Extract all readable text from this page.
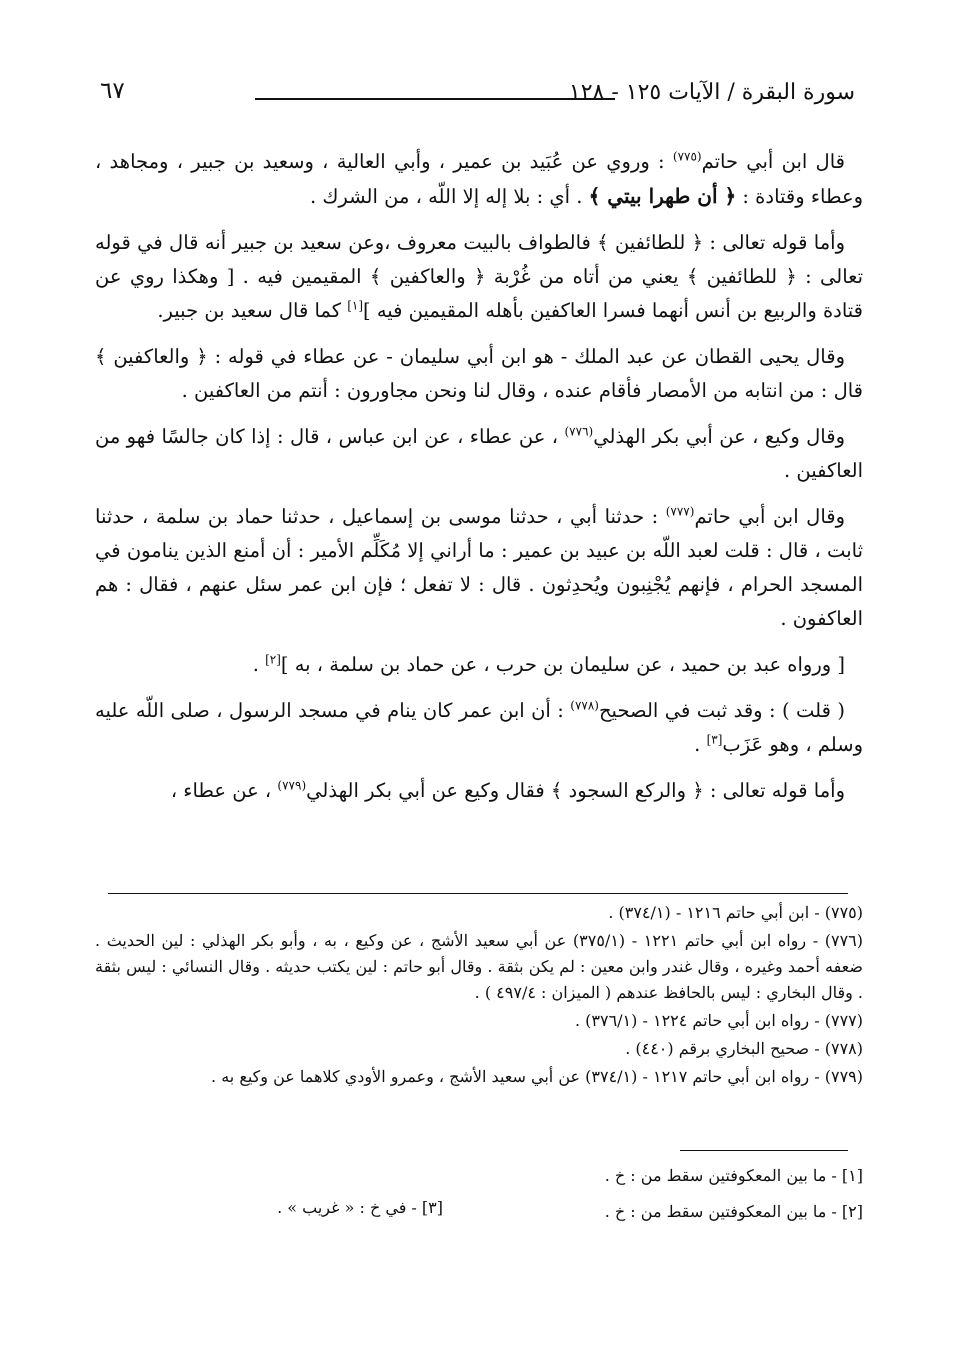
٦٧	سورة البقرة / الآيات ١٢٥ - ١٢٨

قال ابن أبي حاتم$^{(٧٧٥)}$ : وروي عن عُبَيد بن عمير ، وأبي العالية ، وسعيد بن جبير ، ومجاهد ، وعطاء وقتادة : ﴿ أن طهرا بيتي ﴾ . أي : بلا إله إلا اللّه ، من الشرك .

وأما قوله تعالى : ﴿ للطائفين ﴾ فالطواف بالبيت معروف ،وعن سعيد بن جبير أنه قال في قوله تعالى : ﴿ للطائفين ﴾ يعني من أتاه من غُرْبة ﴿ والعاكفين ﴾ المقيمين فيه . [ وهكذا روي عن قتادة والربيع بن أنس أنهما فسرا العاكفين بأهله المقيمين فيه ][١] كما قال سعيد بن جبير.

وقال يحيى القطان عن عبد الملك - هو ابن أبي سليمان - عن عطاء في قوله : ﴿ والعاكفين ﴾ قال : من انتابه من الأمصار فأقام عنده ، وقال لنا ونحن مجاورون : أنتم من العاكفين .

وقال وكيع ، عن أبي بكر الهذلي$^{(٧٧٦)}$ ، عن عطاء ، عن ابن عباس ، قال : إذا كان جالسًا فهو من العاكفين .

وقال ابن أبي حاتم$^{(٧٧٧)}$ : حدثنا أبي ، حدثنا موسى بن إسماعيل ، حدثنا حماد بن سلمة ، حدثنا ثابت ، قال : قلت لعبد اللّه بن عبيد بن عمير : ما أراني إلا مُكَلِّم الأمير : أن أمنع الذين ينامون في المسجد الحرام ، فإنهم يُجْنِبون ويُحدِثون . قال : لا تفعل ؛ فإن ابن عمر سئل عنهم ، فقال : هم العاكفون .

[ ورواه عبد بن حميد ، عن سليمان بن حرب ، عن حماد بن سلمة ، به ][٢] .

( قلت ) : وقد ثبت في الصحيح$^{(٧٧٨)}$ : أن ابن عمر كان ينام في مسجد الرسول ، صلى اللّه عليه وسلم ، وهو عَزَب[٣] .

وأما قوله تعالى : ﴿ والركع السجود ﴾ فقال وكيع عن أبي بكر الهذلي$^{(٧٧٩)}$ ، عن عطاء ،

(٧٧٥) - ابن أبي حاتم ١٢١٦ - (٣٧٤/١) .

(٧٧٦) - رواه ابن أبي حاتم ١٢٢١ - (٣٧٥/١) عن أبي سعيد الأشج ، عن وكيع ، به ، وأبو بكر الهذلي : لين الحديث . ضعفه أحمد وغيره ، وقال غندر وابن معين : لم يكن بثقة . وقال أبو حاتم : لين يكتب حديثه . وقال النسائي : ليس بثقة . وقال البخاري : ليس بالحافظ عندهم ( الميزان : ٤٩٧/٤ ) .

(٧٧٧) - رواه ابن أبي حاتم ١٢٢٤ - (٣٧٦/١) .

(٧٧٨) - صحيح البخاري برقم (٤٤٠) .

(٧٧٩) - رواه ابن أبي حاتم ١٢١٧ - (٣٧٤/١) عن أبي سعيد الأشج ، وعمرو الأودي كلاهما عن وكيع به .

[١] - ما بين المعكوفتين سقط من : خ .
[٢] - ما بين المعكوفتين سقط من : خ .
[٣] - في خ : « غريب » .
